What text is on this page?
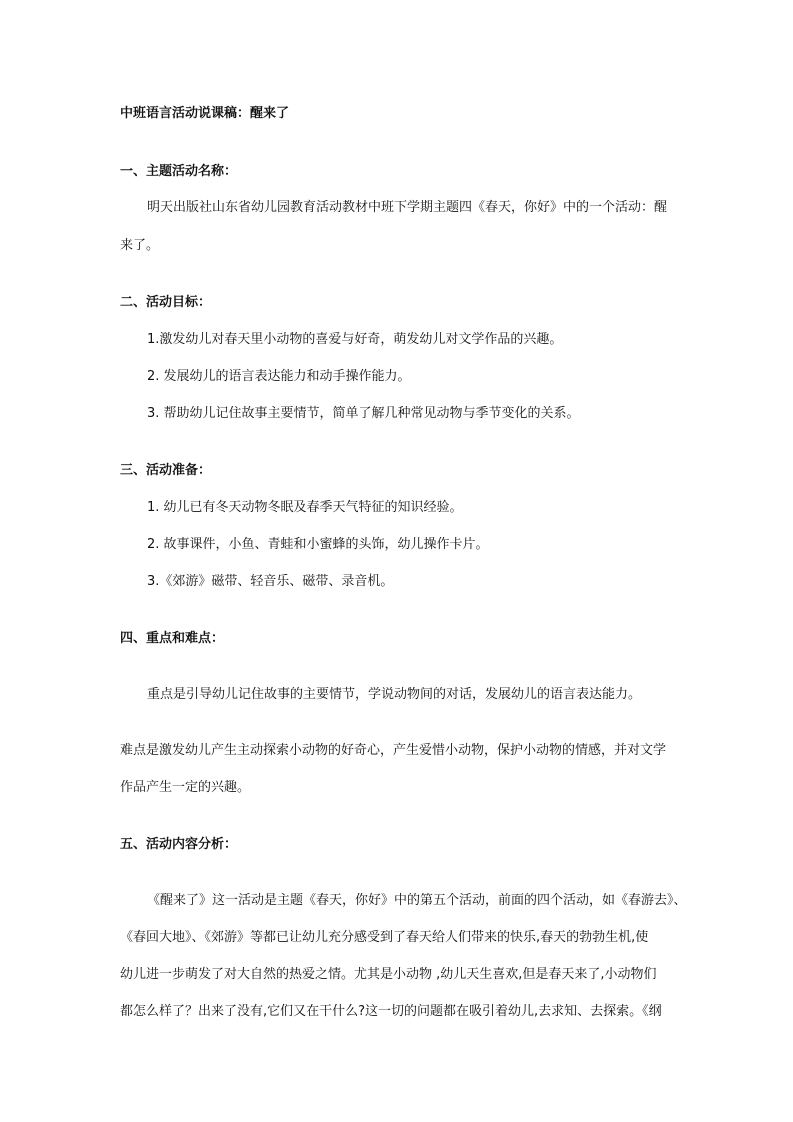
中班语言活动说课稿：醒来了
一、主题活动名称：
明天出版社山东省幼儿园教育活动教材中班下学期主题四《春天，你好》中的一个活动：醒
来了。
二、活动目标：
1.激发幼儿对春天里小动物的喜爱与好奇，萌发幼儿对文学作品的兴趣。
2. 发展幼儿的语言表达能力和动手操作能力。
3. 帮助幼儿记住故事主要情节，简单了解几种常见动物与季节变化的关系。
三、活动准备：
1. 幼儿已有冬天动物冬眠及春季天气特征的知识经验。
2. 故事课件，小鱼、青蛙和小蜜蜂的头饰，幼儿操作卡片。
3.《郊游》磁带、轻音乐、磁带、录音机。
四、重点和难点：
重点是引导幼儿记住故事的主要情节，学说动物间的对话，发展幼儿的语言表达能力。
难点是激发幼儿产生主动探索小动物的好奇心，产生爱惜小动物，保护小动物的情感，并对文学
作品产生一定的兴趣。
五、活动内容分析：
《醒来了》这一活动是主题《春天，你好》中的第五个活动，前面的四个活动，如《春游去》、
《春回大地》、《郊游》等都已让幼儿充分感受到了春天给人们带来的快乐,春天的勃勃生机,使
幼儿进一步萌发了对大自然的热爱之情。尤其是小动物 ,幼儿天生喜欢,但是春天来了,小动物们
都怎么样了？出来了没有,它们又在干什么?这一切的问题都在吸引着幼儿,去求知、去探索。《纲
